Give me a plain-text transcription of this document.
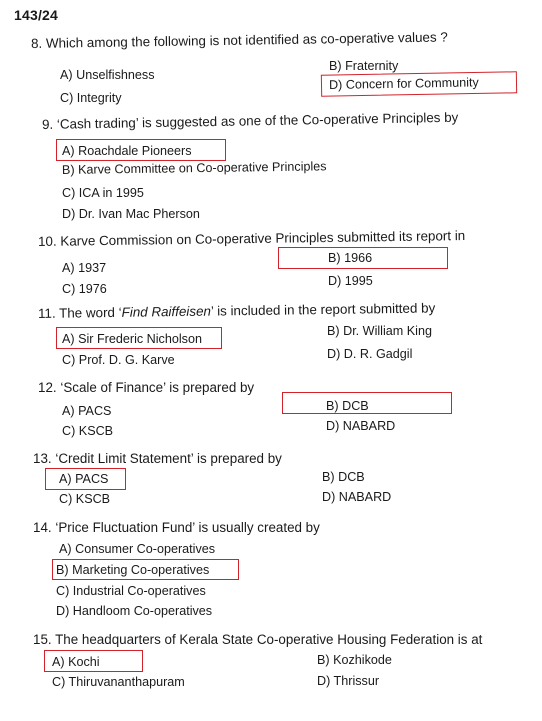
143/24
8. Which among the following is not identified as co-operative values ?
A) Unselfishness
B) Fraternity
C) Integrity
D) Concern for Community
9. ‘Cash trading’ is suggested as one of the Co-operative Principles by
A) Roachdale Pioneers
B) Karve Committee on Co-operative Principles
C) ICA in 1995
D) Dr. Ivan Mac Pherson
10. Karve Commission on Co-operative Principles submitted its report in
A) 1937
B) 1966
C) 1976
D) 1995
11. The word ‘Find Raiffeisen’ is included in the report submitted by
A) Sir Frederic Nicholson
B) Dr. William King
C) Prof. D. G. Karve	D) D. R. Gadgil
12. ‘Scale of Finance’ is prepared by
A) PACS	B) DCB
C) KSCB	D) NABARD
13. ‘Credit Limit Statement’ is prepared by
A) PACS	B) DCB
C) KSCB	D) NABARD
14. ‘Price Fluctuation Fund’ is usually created by
A) Consumer Co-operatives
B) Marketing Co-operatives
C) Industrial Co-operatives
D) Handloom Co-operatives
15. The headquarters of Kerala State Co-operative Housing Federation is at
A) Kochi	B) Kozhikode
C) Thiruvananthapuram	D) Thrissur
